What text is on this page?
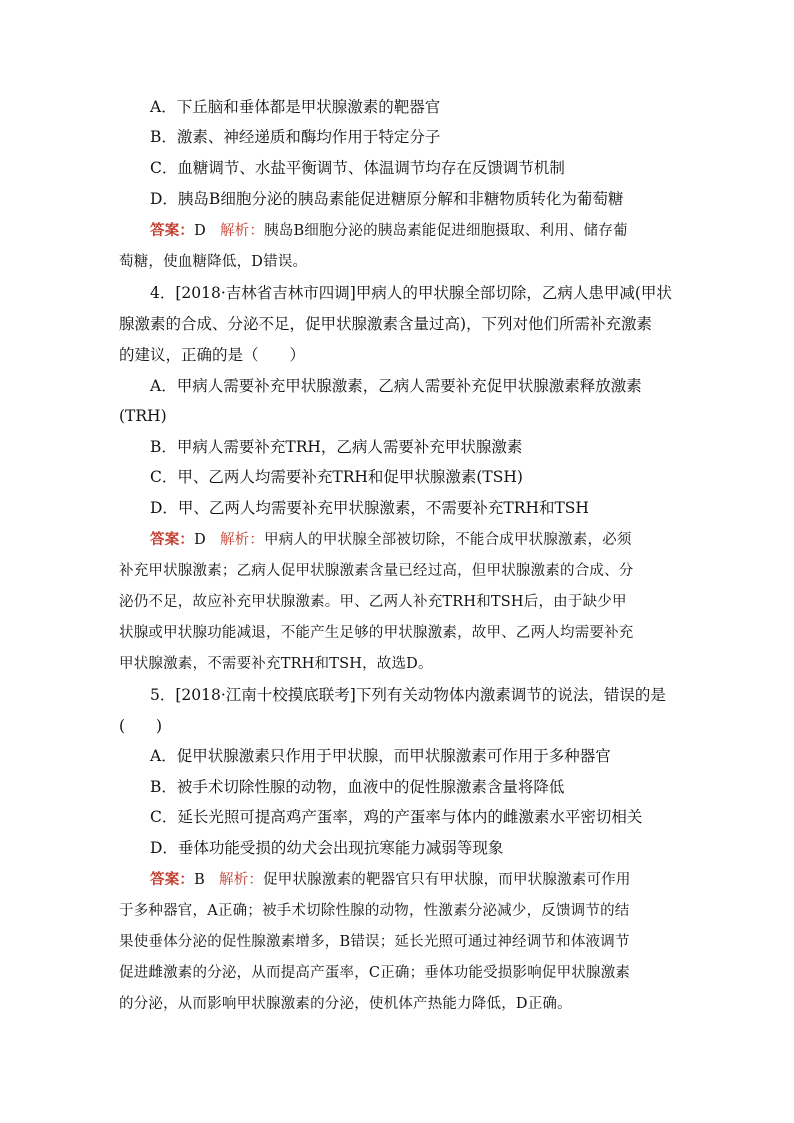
A．下丘脑和垂体都是甲状腺激素的靶器官
B．激素、神经递质和酶均作用于特定分子
C．血糖调节、水盐平衡调节、体温调节均存在反馈调节机制
D．胰岛B细胞分泌的胰岛素能促进糖原分解和非糖物质转化为葡萄糖
答案：D 解析：胰岛B细胞分泌的胰岛素能促进细胞摄取、利用、储存葡
萄糖，使血糖降低，D错误。
4．[2018·吉林省吉林市四调]甲病人的甲状腺全部切除，乙病人患甲减(甲状
腺激素的合成、分泌不足，促甲状腺激素含量过高)，下列对他们所需补充激素
的建议，正确的是（　　）
A．甲病人需要补充甲状腺激素，乙病人需要补充促甲状腺激素释放激素
(TRH)
B．甲病人需要补充TRH，乙病人需要补充甲状腺激素
C．甲、乙两人均需要补充TRH和促甲状腺激素(TSH)
D．甲、乙两人均需要补充甲状腺激素，不需要补充TRH和TSH
答案：D 解析：甲病人的甲状腺全部被切除，不能合成甲状腺激素，必须
补充甲状腺激素；乙病人促甲状腺激素含量已经过高，但甲状腺激素的合成、分
泌仍不足，故应补充甲状腺激素。甲、乙两人补充TRH和TSH后，由于缺少甲
状腺或甲状腺功能减退，不能产生足够的甲状腺激素，故甲、乙两人均需要补充
甲状腺激素，不需要补充TRH和TSH，故选D。
5．[2018·江南十校摸底联考]下列有关动物体内激素调节的说法，错误的是
(　　)
A．促甲状腺激素只作用于甲状腺，而甲状腺激素可作用于多种器官
B．被手术切除性腺的动物，血液中的促性腺激素含量将降低
C．延长光照可提高鸡产蛋率，鸡的产蛋率与体内的雌激素水平密切相关
D．垂体功能受损的幼犬会出现抗寒能力减弱等现象
答案：B 解析：促甲状腺激素的靶器官只有甲状腺，而甲状腺激素可作用
于多种器官，A正确；被手术切除性腺的动物，性激素分泌减少，反馈调节的结
果使垂体分泌的促性腺激素增多，B错误；延长光照可通过神经调节和体液调节
促进雌激素的分泌，从而提高产蛋率，C正确；垂体功能受损影响促甲状腺激素
的分泌，从而影响甲状腺激素的分泌，使机体产热能力降低，D正确。
